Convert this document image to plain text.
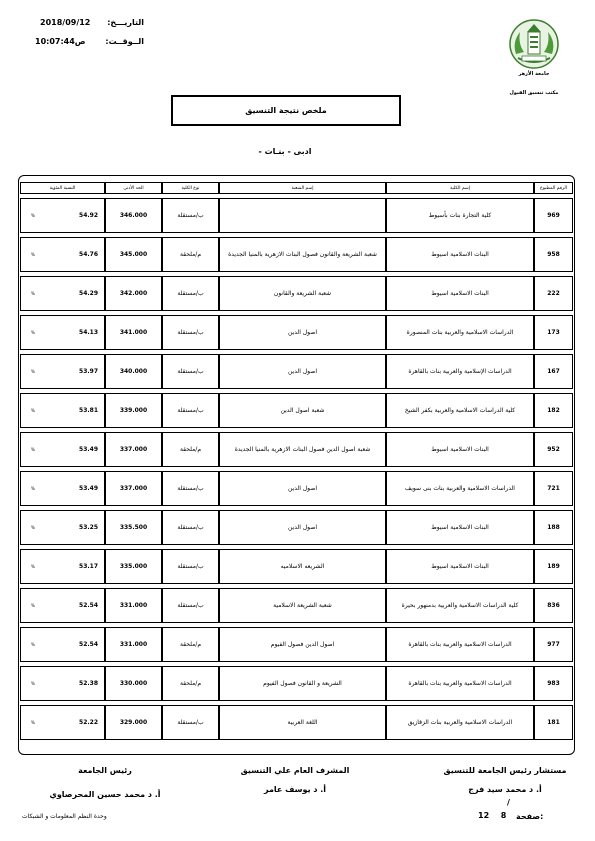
2018/09/12	التاريـــخ:
ص10:07:44	الــوقــت:
جامعة الأزهر
مكتب تنسيق القبول
ملخص نتيجة التنسيق
- ادبى - بنـات
الرقم المطبوع	إسم الكلية	إسم الشعبة	نوع الكلية	الحد الأدنى	النسبة المئوية
969	كلية التجارة بنات بأسيوط		ب/مستقلة	346.000	% 54.92

958	البنات الاسلامية اسيوط	شعبة الشريعة والقانون فصول البنات الازهرية بالمنيا الجديدة	م/ملحقة	345.000	% 54.76

222	البنات الاسلامية اسيوط	شعبة الشريعة والقانون	ب/مستقلة	342.000	% 54.29

173	الدراسات الاسلامية والعربية بنات المنصورة	اصول الدين	ب/مستقلة	341.000	% 54.13

167	الدراسات الإسلامية والعربية بنات بالقاهرة	اصول الدين	ب/مستقلة	340.000	% 53.97

182	كلية الدراسات الاسلامية والعربية بكفر الشيخ	شعبة اصول الدين	ب/مستقلة	339.000	% 53.81

952	البنات الاسلامية اسيوط	شعبة اصول الدين فصول البنات الازهرية بالمنيا الجديدة	م/ملحقة	337.000	% 53.49

721	الدراسات الاسلامية والعربية بنات بنى سويف	اصول الدين	ب/مستقلة	337.000	% 53.49

188	البنات الاسلامية اسيوط	اصول الدين	ب/مستقلة	335.500	% 53.25

189	البنات الاسلامية اسيوط	الشريعه الاسلاميه	ب/مستقلة	335.000	% 53.17

836	كلية الدراسات الاسلامية والعربية بدمنهور بحيرة	شعبة الشريعة الاسلامية	ب/مستقلة	331.000	% 52.54

977	الدراسات الاسلامية والعربية بنات بالقاهرة	اصول الدين فصول الفيوم	م/ملحقة	331.000	% 52.54

983	الدراسات الاسلامية والعربية بنات بالقاهرة	الشريعة و القانون فصول الفيوم	م/ملحقة	330.000	% 52.38

181	الدراسات الاسلامية والعربية بنات الزقازيق	اللغة العربية	ب/مستقلة	329.000	% 52.22
مستشار رئيس الجامعة للتنسيق
أ. د محمد سيد فرج
المشرف العام علي التنسيق
أ. د يوسف عامر
رئيس الجامعة
أ. د محمد حسين المحرصاوي
وحدة النظم المعلومات و الشبكات	صفحة:
/
12 8
